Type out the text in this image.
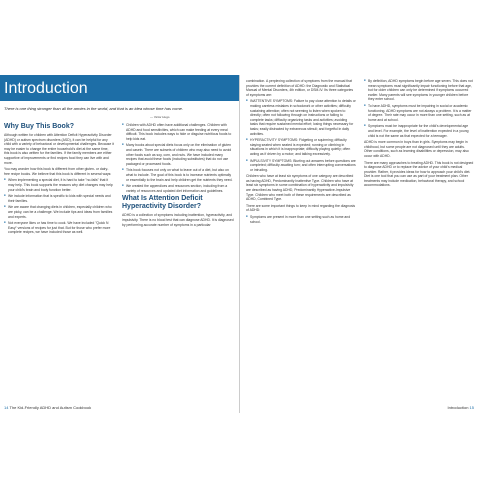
Introduction
There is one thing stronger than all the armies in the world, and that is an idea whose time has come.
— Victor Hugo
Why Buy This Book?

Although written for children with Attention Deficit Hyperactivity Disorder (ADHD) or autism spectrum disorders (ASD), it can be helpful for any child with a variety of behavioral or developmental challenges. Because it may be easier to change the entire household's diet at the same time, this book is also written for the families. If the family members are either supportive of improvements or find recipes food they can live with and more.

You may wonder how this book is different from other gluten- or dairy-free recipe books. We believe that this book is different in several ways:

■ When implementing a special diet, it is hard to take "no-fails" that it may help. This book supports the reasons why diet changes may help your child's brain and body function better.
■ We include information that is specific to kids with special needs and their families.
■ We are aware that changing diets in children, especially children who are picky, can be a challenge. We include tips and ideas from families and experts.
■ Not everyone likes or has time to cook. We have included "Quick N Easy" versions of recipes for just that. But for those who prefer more complete recipes, we have included those as well.
■ Children with ADHD often have additional challenges. Children with ADHD and food sensitivities, which can make feeding at every meal difficult. This book includes ways to hide or disguise nutritious foods to help kids eat.
■ Many books about special diets focus only on the elimination of gluten and casein. There are subsets of children who may also need to avoid other foods such as soy, corn, and nuts. We have included many recipes that avoid these foods (including substitutes) that do not use packaged or processed foods.
■ This book focuses not only on what to leave out of a diet, but also on what to include. The goal of this book is to increase nutrients optimally or essentially to the brain and help children get the nutrients they need.
■ We created the appendices and resources section, including from a variety of resources and updated diet information and guidelines.
What Is Attention Deficit Hyperactivity Disorder?

ADHD is a collection of symptoms including inattention, hyperactivity, and impulsivity. There is no blood test that can diagnose ADHD. It is diagnosed by performing accurate number of symptoms in a particular

14 The Kid-Friendly ADHD and Autism Cookbook

combination. A perplexing collection of symptoms from the manual that provides the current definition of ADHD: the Diagnostic and Statistical Manual of Mental Disorders, 4th edition, or DSM-IV. Its three categories of symptoms are:

■ INATTENTIVE SYMPTOMS: Failure to pay close attention to details or making careless mistakes in schoolwork or other activities; difficulty sustaining attention; often not seeming to listen when spoken to directly; often not following through on instructions or failing to complete tasks; difficulty organizing tasks and activities; avoiding tasks that require sustained mental effort; losing things necessary for tasks; easily distracted by extraneous stimuli; and forgetful in daily activities.
■ HYPERACTIVITY SYMPTOMS: Fidgeting or squirming; difficulty staying seated when seated is expected; running or climbing in situations in which it is inappropriate; difficulty playing quietly; often acting as if driven by a motor; and talking excessively.
■ IMPULSIVITY SYMPTOMS: Blurting out answers before questions are completed; difficulty awaiting turn; and often interrupting conversations or intruding.

Children who have at least six symptoms of one category are described as having ADHD, Predominantly Inattentive Type. Children who have at least six symptoms in some combination of hyperactivity and impulsivity are described as having ADHD, Predominantly Hyperactive-Impulsive Type. Children who meet both of these requirements are described as ADHD, Combined Type.

There are some important things to keep in mind regarding the diagnosis of ADHD:

■ Symptoms are present in more than one setting such as home and school.
■ By definition, ADHD symptoms begin before age seven. This does not mean symptoms must significantly impair functioning before that age, but for older children can only be determined if symptoms occurred earlier. Many parents will see symptoms in younger children before they enter school.
■ To have ADHD, symptoms must be impairing in social or academic functioning. ADHD symptoms are not always a problem. It is a matter of degree. Their rate may occur in more than one setting, such as at home and at school.
■ Symptoms must be inappropriate for the child's developmental age and level. For example, the level of inattention expected in a young child is not the same as that expected for a teenager.

ADHD is more common in boys than in girls. Symptoms may begin in childhood, but some people are not diagnosed until they are adults. Other conditions, such as learning disabilities or depression, may also occur with ADHD.

There are many approaches to treating ADHD. This book is not designed to diagnose ADHD or to replace the advice of your child's medical provider. Rather, it provides ideas for how to approach your child's diet. Diet is one tool that you can use as part of your treatment plan. Other treatments may include medication, behavioral therapy, and school accommodations.

Introduction 15
